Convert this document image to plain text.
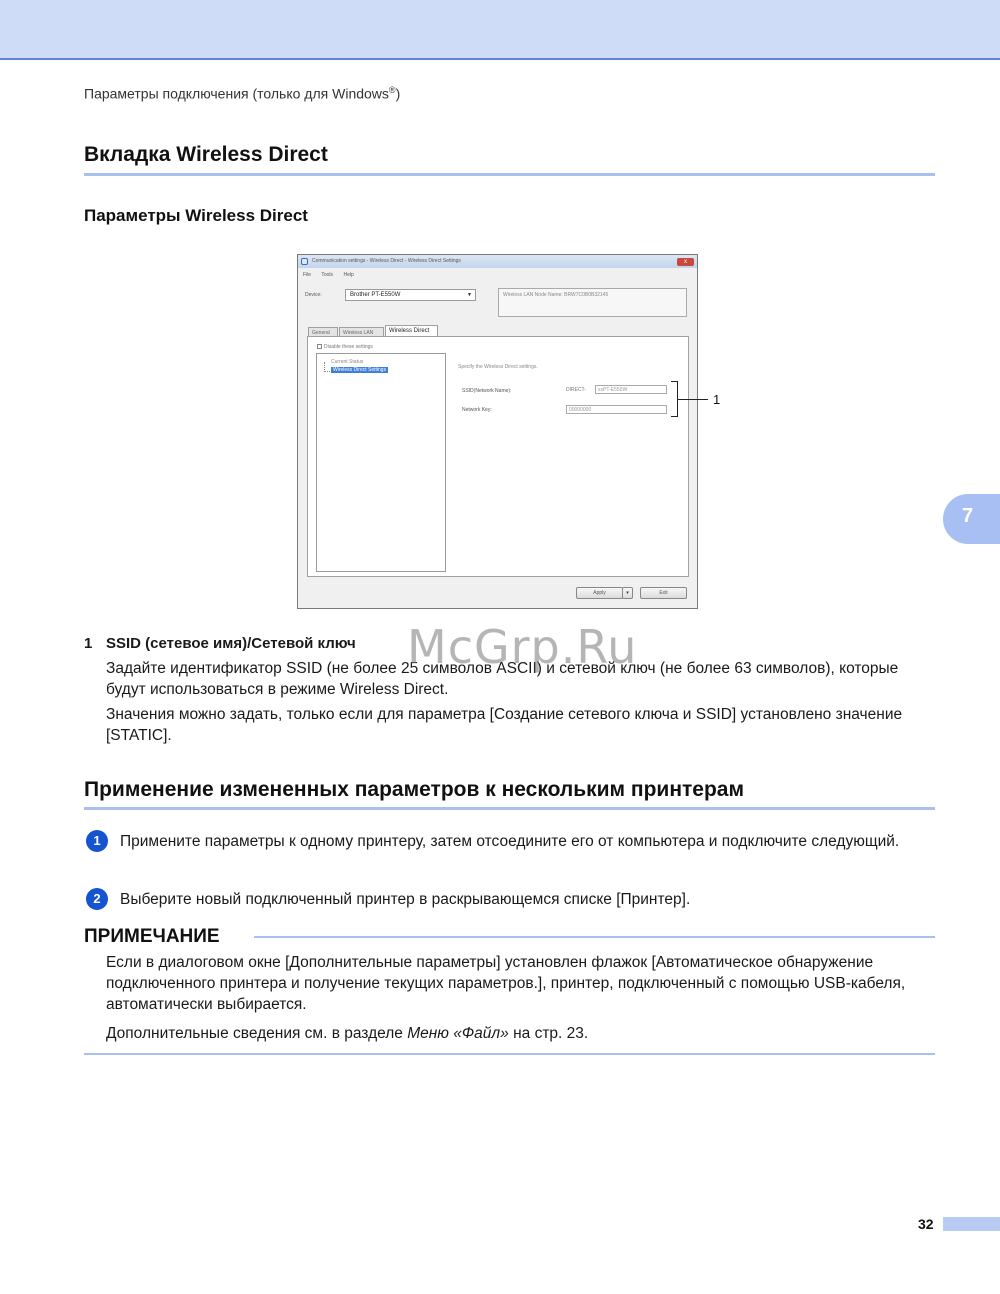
Параметры подключения (только для Windows®)
Вкладка Wireless Direct
Параметры Wireless Direct
Communication settings - Wireless Direct - Wireless Direct Settings	x
File Tools Help
Device:	Brother PT-E550W	▼	Wireless LAN Node Name: BRW7C0B0B32145
General	Wireless LAN	Wireless Direct
Disable these settings
Current Status
Wireless Direct Settings	Specify the Wireless Direct settings.
SSID(Network Name):	DIRECT-	xxPT-E550W
Network Key:	00000000
Apply	▾	Exit
1
7
1 SSID (сетевое имя)/Сетевой ключ
Задайте идентификатор SSID (не более 25 символов ASCII) и сетевой ключ (не более 63 символов), которые будут использоваться в режиме Wireless Direct.
Значения можно задать, только если для параметра [Создание сетевого ключа и SSID] установлено значение [STATIC].
McGrp.Ru
Применение измененных параметров к нескольким принтерам
1	Примените параметры к одному принтеру, затем отсоедините его от компьютера и подключите следующий.
2	Выберите новый подключенный принтер в раскрывающемся списке [Принтер].
ПРИМЕЧАНИЕ
Если в диалоговом окне [Дополнительные параметры] установлен флажок [Автоматическое обнаружение подключенного принтера и получение текущих параметров.], принтер, подключенный с помощью USB-кабеля, автоматически выбирается.
Дополнительные сведения см. в разделе Меню «Файл» на стр. 23.
32
